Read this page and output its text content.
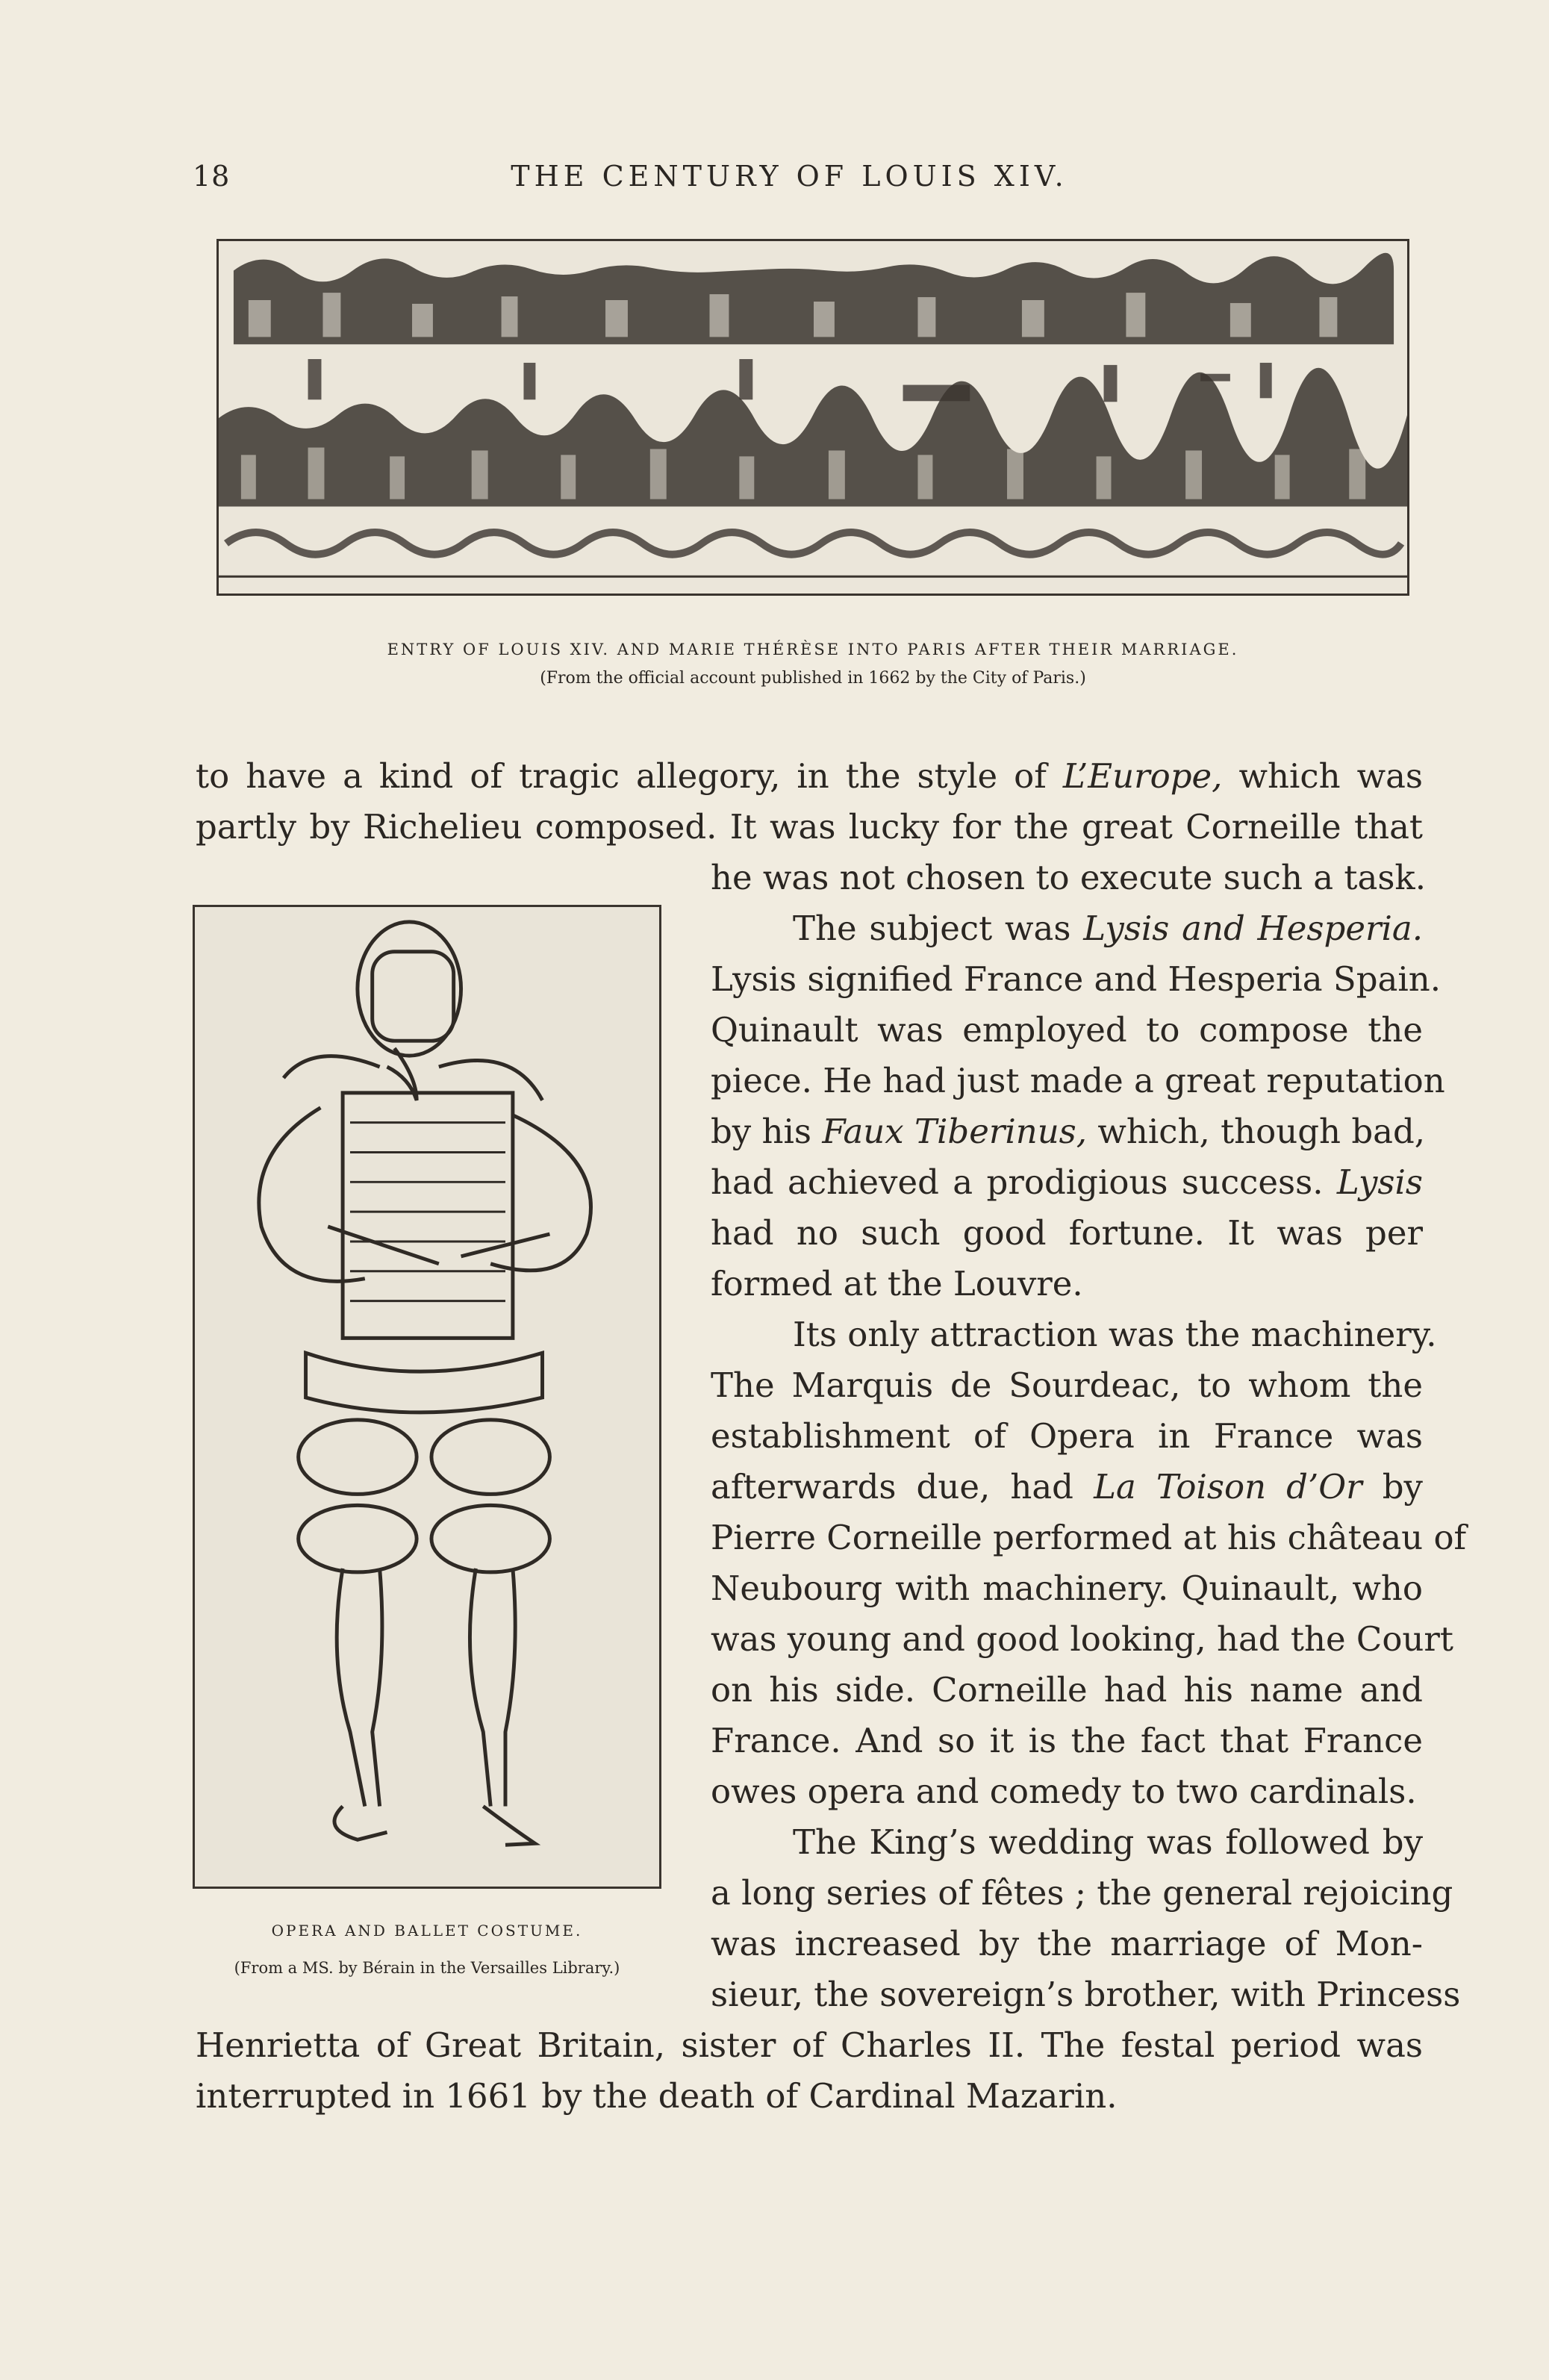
18	THE CENTURY OF LOUIS XIV.
ENTRY OF LOUIS XIV. AND MARIE THÉRÈSE INTO PARIS AFTER THEIR MARRIAGE.
(From the official account published in 1662 by the City of Paris.)
OPERA AND BALLET COSTUME.
(From a MS. by Bérain in the Versailles Library.)
to have a kind of tragic allegory, in the style of L’Europe, which was
partly by Richelieu composed. It was lucky for the great Corneille that
he was not chosen to execute such a task.
The subject was Lysis and Hesperia.
Lysis signified France and Hesperia Spain.
Quinault was employed to compose the
piece. He had just made a great reputation
by his Faux Tiberinus, which, though bad,
had achieved a prodigious success. Lysis
had no such good fortune. It was per
formed at the Louvre.
Its only attraction was the machinery.
The Marquis de Sourdeac, to whom the
establishment of Opera in France was
afterwards due, had La Toison d’Or by
Pierre Corneille performed at his château of
Neubourg with machinery. Quinault, who
was young and good looking, had the Court
on his side. Corneille had his name and
France. And so it is the fact that France
owes opera and comedy to two cardinals.
The King’s wedding was followed by
a long series of fêtes ; the general rejoicing
was increased by the marriage of Mon-
sieur, the sovereign’s brother, with Princess
Henrietta of Great Britain, sister of Charles II. The festal period was
interrupted in 1661 by the death of Cardinal Mazarin.
